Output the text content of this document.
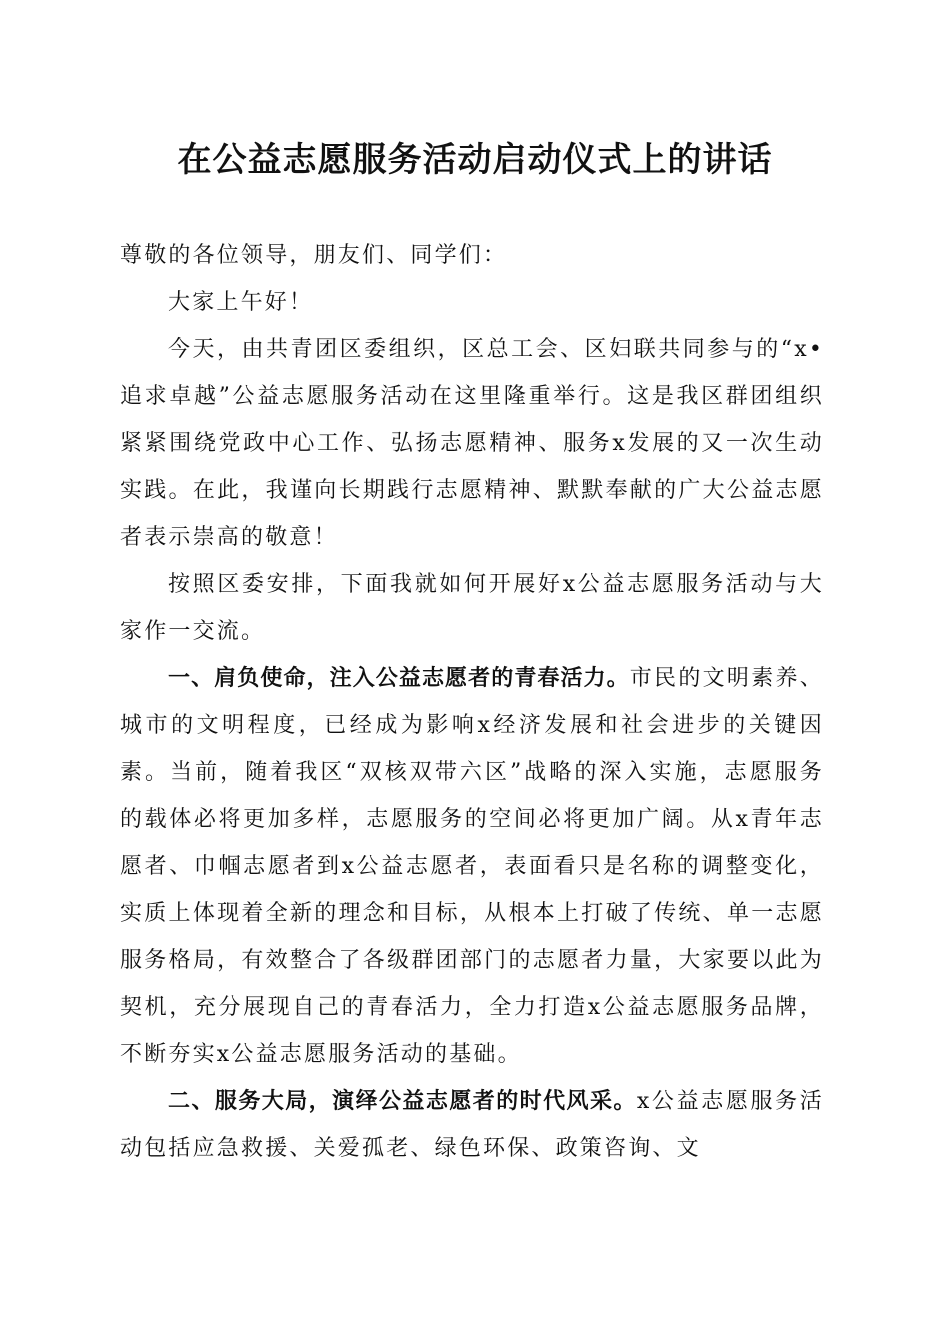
在公益志愿服务活动启动仪式上的讲话

尊敬的各位领导，朋友们、同学们：

大家上午好！

今天，由共青团区委组织，区总工会、区妇联共同参与的“x•追求卓越”公益志愿服务活动在这里隆重举行。这是我区群团组织紧紧围绕党政中心工作、弘扬志愿精神、服务x发展的又一次生动实践。在此，我谨向长期践行志愿精神、默默奉献的广大公益志愿者表示崇高的敬意！

按照区委安排，下面我就如何开展好x公益志愿服务活动与大家作一交流。

一、肩负使命，注入公益志愿者的青春活力。市民的文明素养、城市的文明程度，已经成为影响x经济发展和社会进步的关键因素。当前，随着我区“双核双带六区”战略的深入实施，志愿服务的载体必将更加多样，志愿服务的空间必将更加广阔。从x青年志愿者、巾帼志愿者到x公益志愿者，表面看只是名称的调整变化，实质上体现着全新的理念和目标，从根本上打破了传统、单一志愿服务格局，有效整合了各级群团部门的志愿者力量，大家要以此为契机，充分展现自己的青春活力，全力打造x公益志愿服务品牌，不断夯实x公益志愿服务活动的基础。

二、服务大局，演绎公益志愿者的时代风采。x公益志愿服务活动包括应急救援、关爱孤老、绿色环保、政策咨询、文
